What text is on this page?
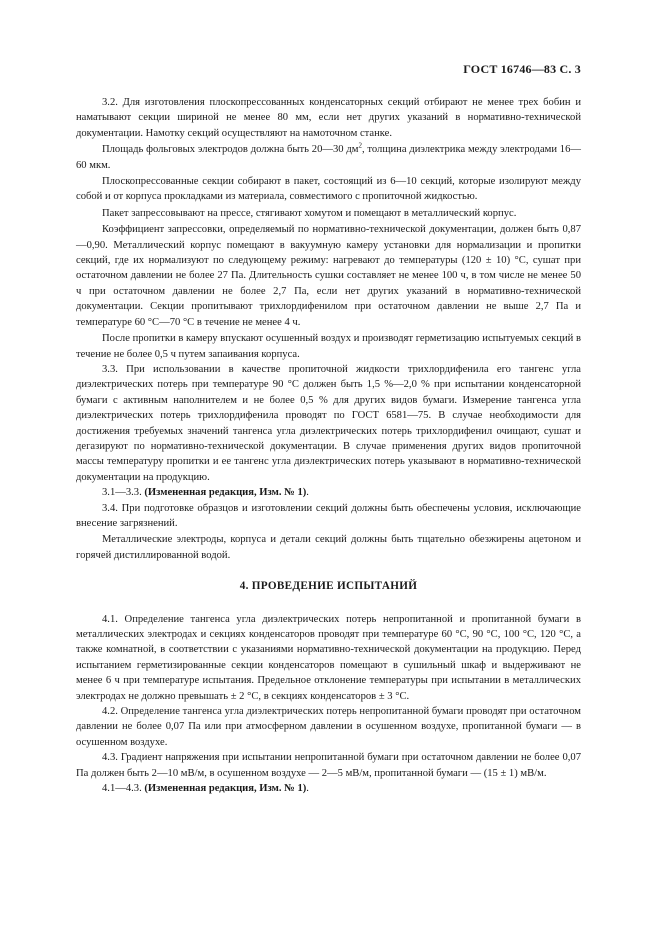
ГОСТ 16746—83 С. 3

3.2. Для изготовления плоскопрессованных конденсаторных секций отбирают не менее трех бобин и наматывают секции шириной не менее 80 мм, если нет других указаний в нормативно-технической документации. Намотку секций осуществляют на намоточном станке.

Площадь фольговых электродов должна быть 20—30 $дм^2$, толщина диэлектрика между электродами 16—60 мкм.

Плоскопрессованные секции собирают в пакет, состоящий из 6—10 секций, которые изолируют между собой и от корпуса прокладками из материала, совместимого с пропиточной жидкостью.

Пакет запрессовывают на прессе, стягивают хомутом и помещают в металлический корпус.

Коэффициент запрессовки, определяемый по нормативно-технической документации, должен быть 0,87—0,90. Металлический корпус помещают в вакуумную камеру установки для нормализации и пропитки секций, где их нормализуют по следующему режиму: нагревают до температуры (120 ± 10) °С, сушат при остаточном давлении не более 27 Па. Длительность сушки составляет не менее 100 ч, в том числе не менее 50 ч при остаточном давлении не более 2,7 Па, если нет других указаний в нормативно-технической документации. Секции пропитывают трихлордифенилом при остаточном давлении не выше 2,7 Па и температуре 60 °С—70 °С в течение не менее 4 ч.

После пропитки в камеру впускают осушенный воздух и производят герметизацию испытуемых секций в течение не более 0,5 ч путем запаивания корпуса.

3.3. При использовании в качестве пропиточной жидкости трихлордифенила его тангенс угла диэлектрических потерь при температуре 90 °С должен быть 1,5 %—2,0 % при испытании конденсаторной бумаги с активным наполнителем и не более 0,5 % для других видов бумаги. Измерение тангенса угла диэлектрических потерь трихлордифенила проводят по ГОСТ 6581—75. В случае необходимости для достижения требуемых значений тангенса угла диэлектрических потерь трихлордифенил очищают, сушат и дегазируют по нормативно-технической документации. В случае применения других видов пропиточной массы температуру пропитки и ее тангенс угла диэлектрических потерь указывают в нормативно-технической документации на продукцию.

3.1—3.3. (Измененная редакция, Изм. № 1).

3.4. При подготовке образцов и изготовлении секций должны быть обеспечены условия, исключающие внесение загрязнений.

Металлические электроды, корпуса и детали секций должны быть тщательно обезжирены ацетоном и горячей дистиллированной водой.

4. ПРОВЕДЕНИЕ ИСПЫТАНИЙ

4.1. Определение тангенса угла диэлектрических потерь непропитанной и пропитанной бумаги в металлических электродах и секциях конденсаторов проводят при температуре 60 °С, 90 °С, 100 °С, 120 °С, а также комнатной, в соответствии с указаниями нормативно-технической документации на продукцию. Перед испытанием герметизированные секции конденсаторов помещают в сушильный шкаф и выдерживают не менее 6 ч при температуре испытания. Предельное отклонение температуры при испытании в металлических электродах не должно превышать ± 2 °С, в секциях конденсаторов ± 3 °С.

4.2. Определение тангенса угла диэлектрических потерь непропитанной бумаги проводят при остаточном давлении не более 0,07 Па или при атмосферном давлении в осушенном воздухе, пропитанной бумаги — в осушенном воздухе.

4.3. Градиент напряжения при испытании непропитанной бумаги при остаточном давлении не более 0,07 Па должен быть 2—10 мВ/м, в осушенном воздухе — 2—5 мВ/м, пропитанной бумаги — (15 ± 1) мВ/м.

4.1—4.3. (Измененная редакция, Изм. № 1).
